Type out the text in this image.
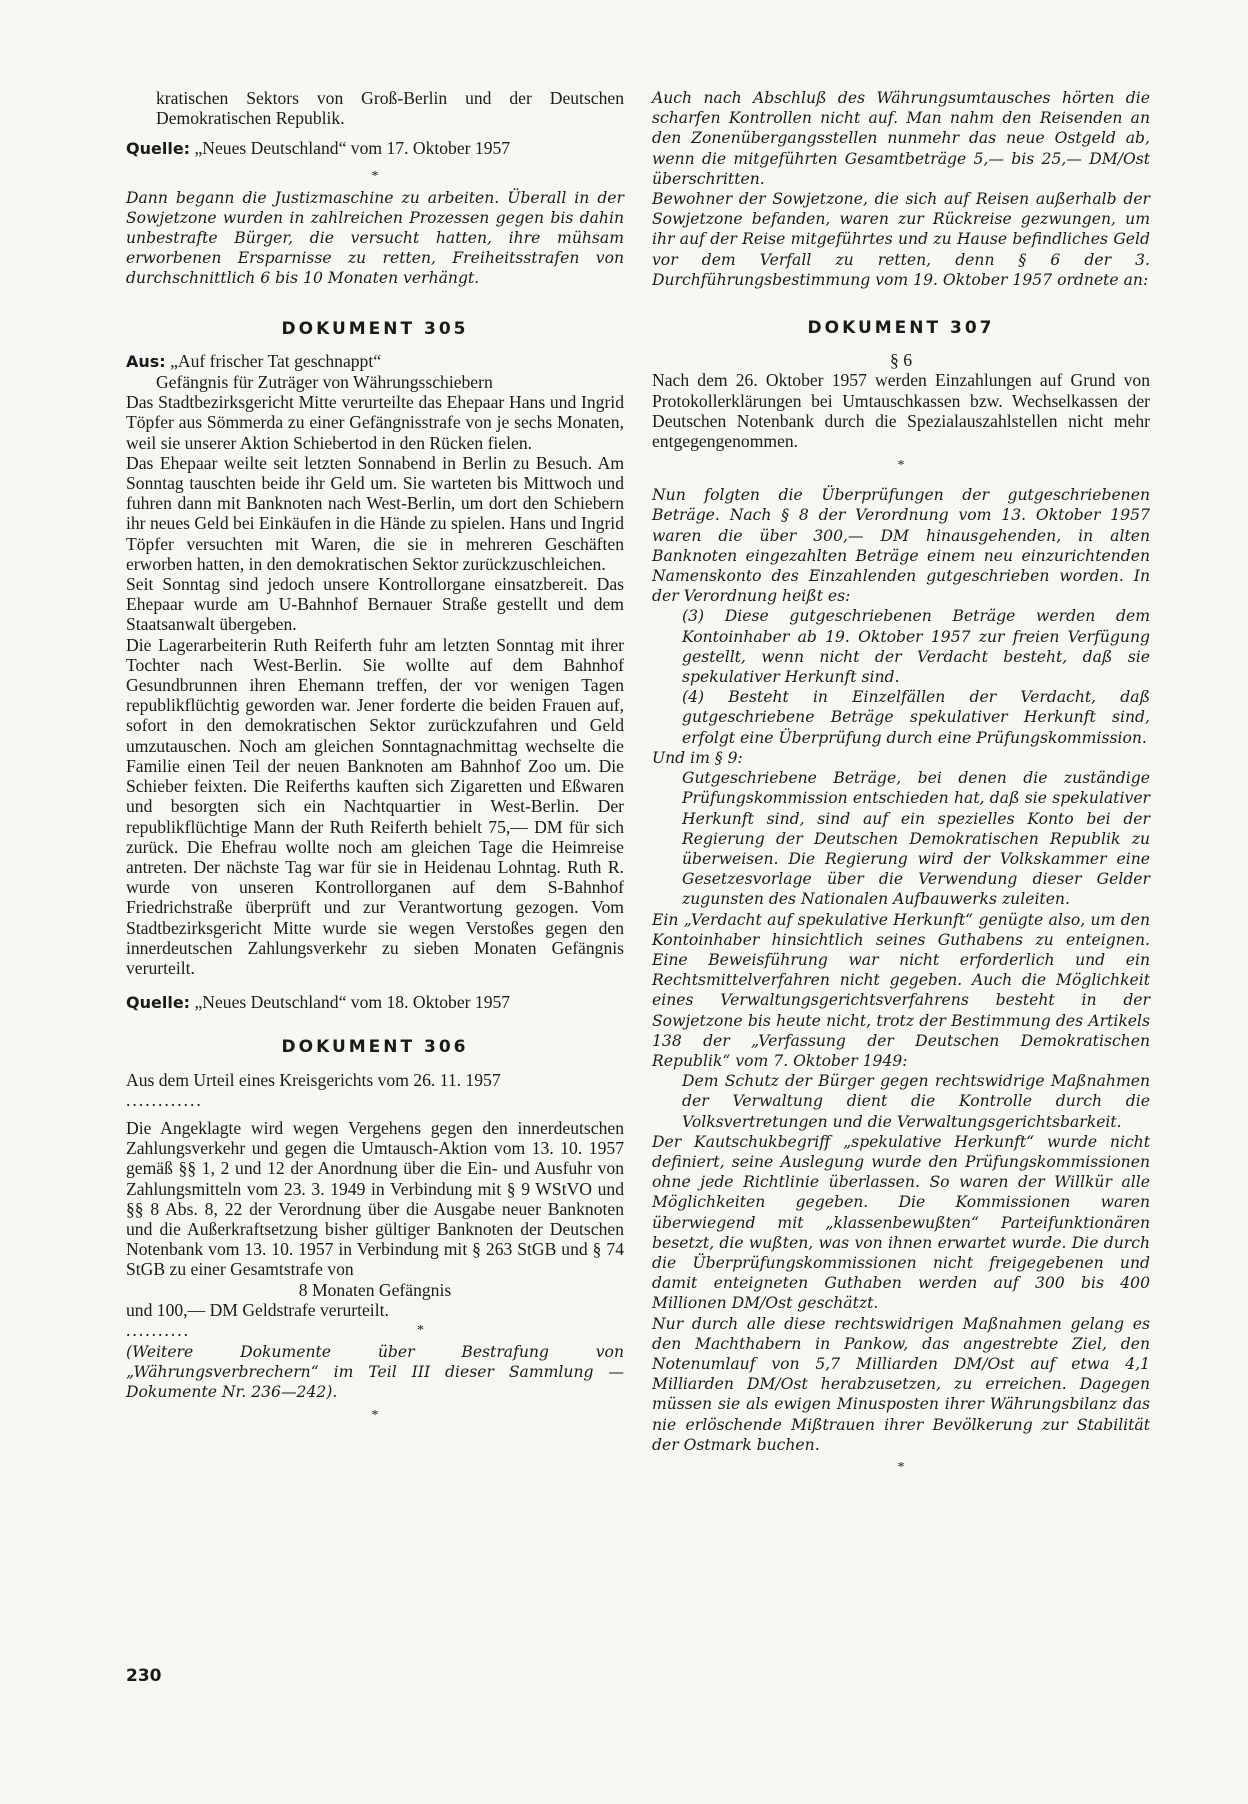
kratischen Sektors von Groß-Berlin und der Deutschen Demokratischen Republik.

Quelle: „Neues Deutschland“ vom 17. Oktober 1957

*

Dann begann die Justizmaschine zu arbeiten. Überall in der Sowjetzone wurden in zahlreichen Prozessen gegen bis dahin unbestrafte Bürger, die versucht hatten, ihre mühsam erworbenen Ersparnisse zu retten, Freiheitsstrafen von durchschnittlich 6 bis 10 Monaten verhängt.

DOKUMENT 305

Aus: „Auf frischer Tat geschnappt“

Gefängnis für Zuträger von Währungsschiebern

Das Stadtbezirksgericht Mitte verurteilte das Ehepaar Hans und Ingrid Töpfer aus Sömmerda zu einer Gefängnisstrafe von je sechs Monaten, weil sie unserer Aktion Schiebertod in den Rücken fielen.

Das Ehepaar weilte seit letzten Sonnabend in Berlin zu Besuch. Am Sonntag tauschten beide ihr Geld um. Sie warteten bis Mittwoch und fuhren dann mit Banknoten nach West-Berlin, um dort den Schiebern ihr neues Geld bei Einkäufen in die Hände zu spielen. Hans und Ingrid Töpfer versuchten mit Waren, die sie in mehreren Geschäften erworben hatten, in den demokratischen Sektor zurückzuschleichen.

Seit Sonntag sind jedoch unsere Kontrollorgane einsatzbereit. Das Ehepaar wurde am U-Bahnhof Bernauer Straße gestellt und dem Staatsanwalt übergeben.

Die Lagerarbeiterin Ruth Reiferth fuhr am letzten Sonntag mit ihrer Tochter nach West-Berlin. Sie wollte auf dem Bahnhof Gesundbrunnen ihren Ehemann treffen, der vor wenigen Tagen republikflüchtig geworden war. Jener forderte die beiden Frauen auf, sofort in den demokratischen Sektor zurückzufahren und Geld umzutauschen. Noch am gleichen Sonntagnachmittag wechselte die Familie einen Teil der neuen Banknoten am Bahnhof Zoo um. Die Schieber feixten. Die Reiferths kauften sich Zigaretten und Eßwaren und besorgten sich ein Nachtquartier in West-Berlin. Der republikflüchtige Mann der Ruth Reiferth behielt 75,— DM für sich zurück. Die Ehefrau wollte noch am gleichen Tage die Heimreise antreten. Der nächste Tag war für sie in Heidenau Lohntag. Ruth R. wurde von unseren Kontrollorganen auf dem S-Bahnhof Friedrichstraße überprüft und zur Verantwortung gezogen. Vom Stadtbezirksgericht Mitte wurde sie wegen Verstoßes gegen den innerdeutschen Zahlungsverkehr zu sieben Monaten Gefängnis verurteilt.

Quelle: „Neues Deutschland“ vom 18. Oktober 1957

DOKUMENT 306

Aus dem Urteil eines Kreisgerichts vom 26. 11. 1957

............

Die Angeklagte wird wegen Vergehens gegen den innerdeutschen Zahlungsverkehr und gegen die Umtausch-Aktion vom 13. 10. 1957 gemäß §§ 1, 2 und 12 der Anordnung über die Ein- und Ausfuhr von Zahlungsmitteln vom 23. 3. 1949 in Verbindung mit § 9 WStVO und §§ 8 Abs. 8, 22 der Verordnung über die Ausgabe neuer Banknoten und die Außerkraftsetzung bisher gültiger Banknoten der Deutschen Notenbank vom 13. 10. 1957 in Verbindung mit § 263 StGB und § 74 StGB zu einer Gesamtstrafe von

8 Monaten Gefängnis

und 100,— DM Geldstrafe verurteilt.

..........	*

(Weitere Dokumente über Bestrafung von „Währungsverbrechern“ im Teil III dieser Sammlung — Dokumente Nr. 236—242).

*

Auch nach Abschluß des Währungsumtausches hörten die scharfen Kontrollen nicht auf. Man nahm den Reisenden an den Zonenübergangsstellen nunmehr das neue Ostgeld ab, wenn die mitgeführten Gesamtbeträge 5,— bis 25,— DM/Ost überschritten.

Bewohner der Sowjetzone, die sich auf Reisen außerhalb der Sowjetzone befanden, waren zur Rückreise gezwungen, um ihr auf der Reise mitgeführtes und zu Hause befindliches Geld vor dem Verfall zu retten, denn § 6 der 3. Durchführungsbestimmung vom 19. Oktober 1957 ordnete an:

DOKUMENT 307

§ 6

Nach dem 26. Oktober 1957 werden Einzahlungen auf Grund von Protokollerklärungen bei Umtauschkassen bzw. Wechselkassen der Deutschen Notenbank durch die Spezialauszahlstellen nicht mehr entgegengenommen.

*

Nun folgten die Überprüfungen der gutgeschriebenen Beträge. Nach § 8 der Verordnung vom 13. Oktober 1957 waren die über 300,— DM hinausgehenden, in alten Banknoten eingezahlten Beträge einem neu einzurichtenden Namenskonto des Einzahlenden gutgeschrieben worden. In der Verordnung heißt es:

(3) Diese gutgeschriebenen Beträge werden dem Kontoinhaber ab 19. Oktober 1957 zur freien Verfügung gestellt, wenn nicht der Verdacht besteht, daß sie spekulativer Herkunft sind.

(4) Besteht in Einzelfällen der Verdacht, daß gutgeschriebene Beträge spekulativer Herkunft sind, erfolgt eine Überprüfung durch eine Prüfungskommission.

Und im § 9:

Gutgeschriebene Beträge, bei denen die zuständige Prüfungskommission entschieden hat, daß sie spekulativer Herkunft sind, sind auf ein spezielles Konto bei der Regierung der Deutschen Demokratischen Republik zu überweisen. Die Regierung wird der Volkskammer eine Gesetzesvorlage über die Verwendung dieser Gelder zugunsten des Nationalen Aufbauwerks zuleiten.

Ein „Verdacht auf spekulative Herkunft“ genügte also, um den Kontoinhaber hinsichtlich seines Guthabens zu enteignen. Eine Beweisführung war nicht erforderlich und ein Rechtsmittelverfahren nicht gegeben. Auch die Möglichkeit eines Verwaltungsgerichtsverfahrens besteht in der Sowjetzone bis heute nicht, trotz der Bestimmung des Artikels 138 der „Verfassung der Deutschen Demokratischen Republik“ vom 7. Oktober 1949:

Dem Schutz der Bürger gegen rechtswidrige Maßnahmen der Verwaltung dient die Kontrolle durch die Volksvertretungen und die Verwaltungsgerichtsbarkeit.

Der Kautschukbegriff „spekulative Herkunft“ wurde nicht definiert, seine Auslegung wurde den Prüfungskommissionen ohne jede Richtlinie überlassen. So waren der Willkür alle Möglichkeiten gegeben. Die Kommissionen waren überwiegend mit „klassenbewußten“ Parteifunktionären besetzt, die wußten, was von ihnen erwartet wurde. Die durch die Überprüfungskommissionen nicht freigegebenen und damit enteigneten Guthaben werden auf 300 bis 400 Millionen DM/Ost geschätzt.

Nur durch alle diese rechtswidrigen Maßnahmen gelang es den Machthabern in Pankow, das angestrebte Ziel, den Notenumlauf von 5,7 Milliarden DM/Ost auf etwa 4,1 Milliarden DM/Ost herabzusetzen, zu erreichen. Dagegen müssen sie als ewigen Minusposten ihrer Währungsbilanz das nie erlöschende Mißtrauen ihrer Bevölkerung zur Stabilität der Ostmark buchen.

*
230
